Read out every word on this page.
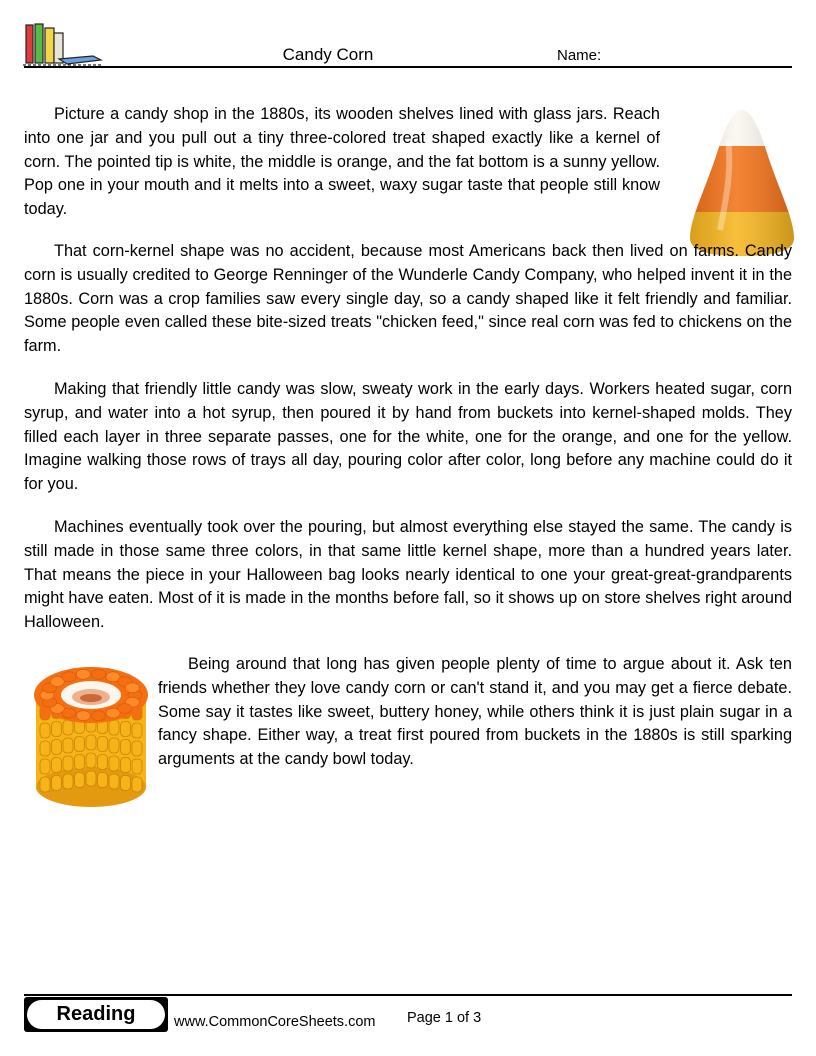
Candy Corn	Name:

Picture a candy shop in the 1880s, its wooden shelves lined with glass jars. Reach into one jar and you pull out a tiny three-colored treat shaped exactly like a kernel of corn. The pointed tip is white, the middle is orange, and the fat bottom is a sunny yellow. Pop one in your mouth and it melts into a sweet, waxy sugar taste that people still know today.

That corn-kernel shape was no accident, because most Americans back then lived on farms. Candy corn is usually credited to George Renninger of the Wunderle Candy Company, who helped invent it in the 1880s. Corn was a crop families saw every single day, so a candy shaped like it felt friendly and familiar. Some people even called these bite-sized treats "chicken feed," since real corn was fed to chickens on the farm.

Making that friendly little candy was slow, sweaty work in the early days. Workers heated sugar, corn syrup, and water into a hot syrup, then poured it by hand from buckets into kernel-shaped molds. They filled each layer in three separate passes, one for the white, one for the orange, and one for the yellow. Imagine walking those rows of trays all day, pouring color after color, long before any machine could do it for you.

Machines eventually took over the pouring, but almost everything else stayed the same. The candy is still made in those same three colors, in that same little kernel shape, more than a hundred years later. That means the piece in your Halloween bag looks nearly identical to one your great-great-grandparents might have eaten. Most of it is made in the months before fall, so it shows up on store shelves right around Halloween.

Being around that long has given people plenty of time to argue about it. Ask ten friends whether they love candy corn or can't stand it, and you may get a fierce debate. Some say it tastes like sweet, buttery honey, while others think it is just plain sugar in a fancy shape. Either way, a treat first poured from buckets in the 1880s is still sparking arguments at the candy bowl today.

Reading	www.CommonCoreSheets.com Page 1 of 3
